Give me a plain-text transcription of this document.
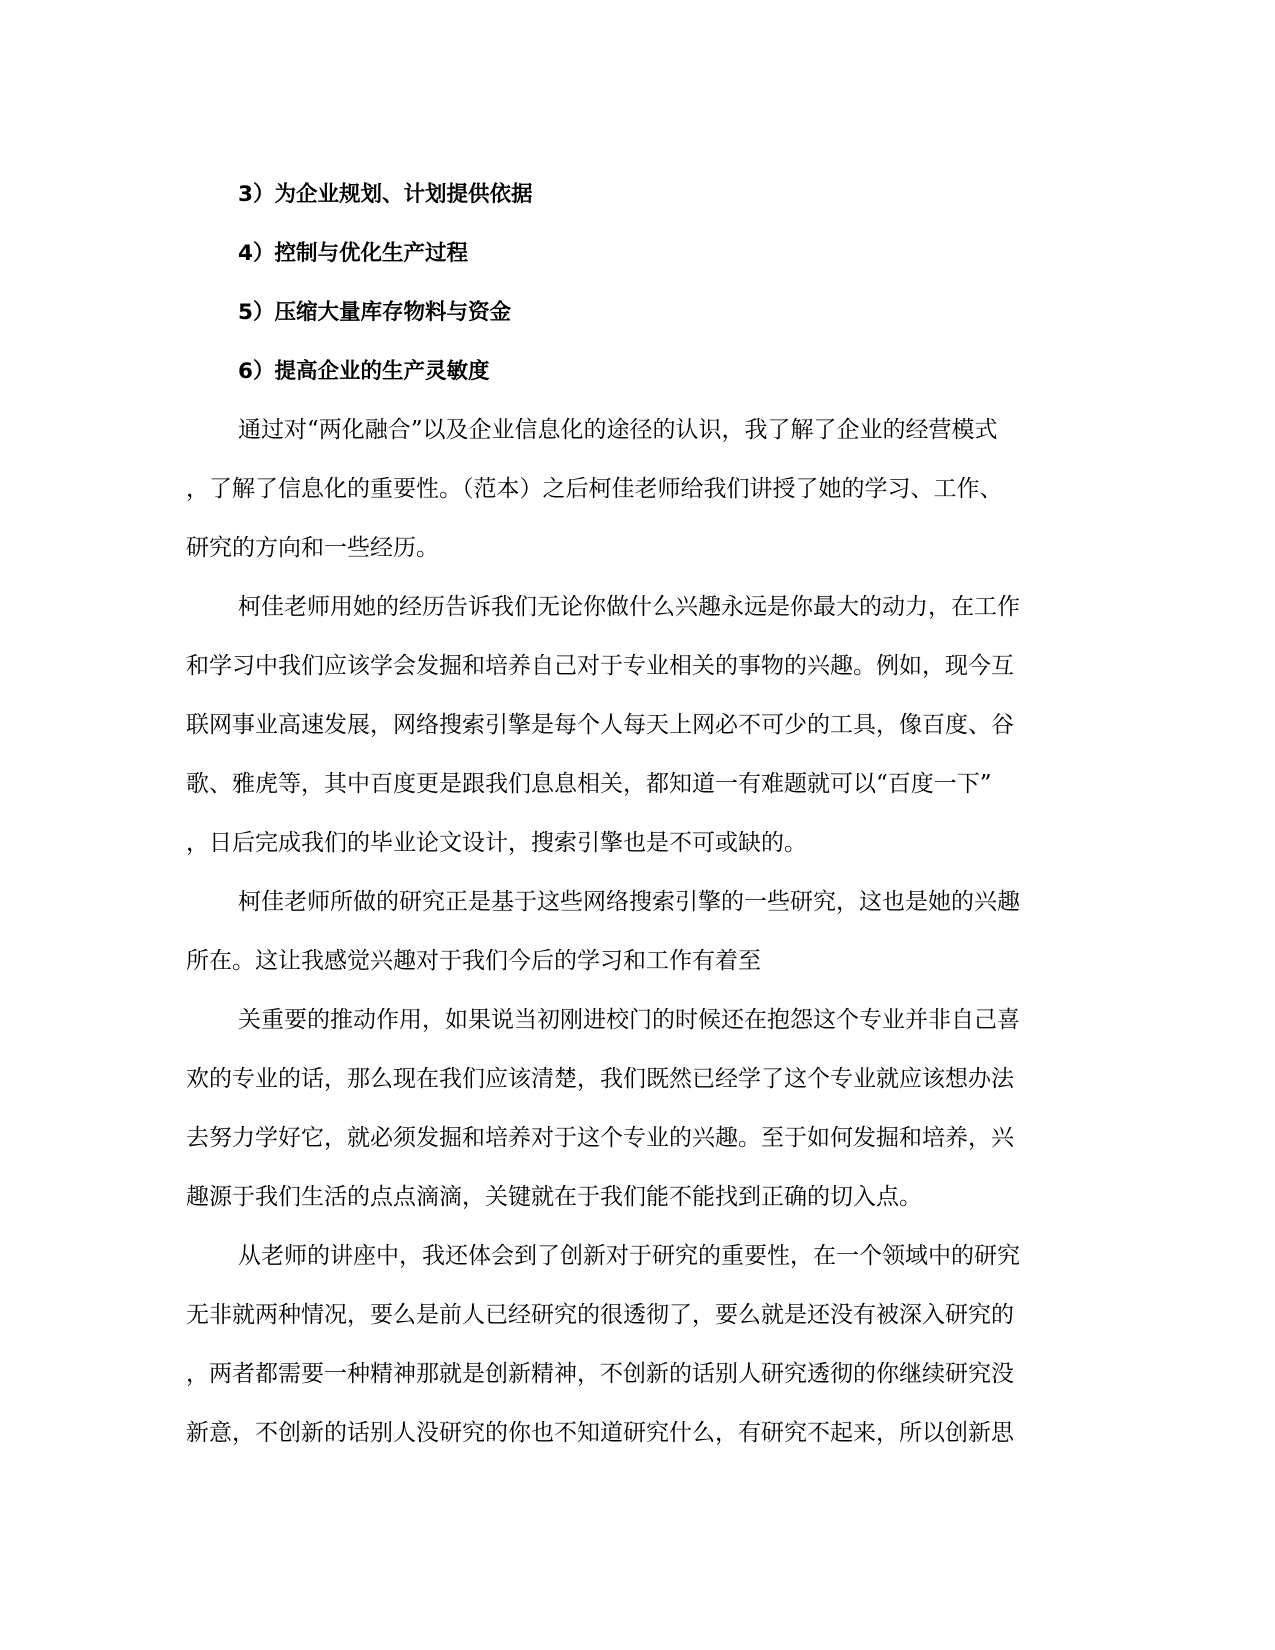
3）为企业规划、计划提供依据

4）控制与优化生产过程

5）压缩大量库存物料与资金

6）提高企业的生产灵敏度

通过对“两化融合”以及企业信息化的途径的认识，我了解了企业的经营模式
，了解了信息化的重要性。（范本）之后柯佳老师给我们讲授了她的学习、工作、
研究的方向和一些经历。

柯佳老师用她的经历告诉我们无论你做什么兴趣永远是你最大的动力，在工作
和学习中我们应该学会发掘和培养自己对于专业相关的事物的兴趣。例如，现今互
联网事业高速发展，网络搜索引擎是每个人每天上网必不可少的工具，像百度、谷
歌、雅虎等，其中百度更是跟我们息息相关，都知道一有难题就可以“百度一下”
，日后完成我们的毕业论文设计，搜索引擎也是不可或缺的。

柯佳老师所做的研究正是基于这些网络搜索引擎的一些研究，这也是她的兴趣
所在。这让我感觉兴趣对于我们今后的学习和工作有着至

关重要的推动作用，如果说当初刚进校门的时候还在抱怨这个专业并非自己喜
欢的专业的话，那么现在我们应该清楚，我们既然已经学了这个专业就应该想办法
去努力学好它，就必须发掘和培养对于这个专业的兴趣。至于如何发掘和培养，兴
趣源于我们生活的点点滴滴，关键就在于我们能不能找到正确的切入点。

从老师的讲座中，我还体会到了创新对于研究的重要性，在一个领域中的研究
无非就两种情况，要么是前人已经研究的很透彻了，要么就是还没有被深入研究的
，两者都需要一种精神那就是创新精神，不创新的话别人研究透彻的你继续研究没
新意，不创新的话别人没研究的你也不知道研究什么，有研究不起来，所以创新思
